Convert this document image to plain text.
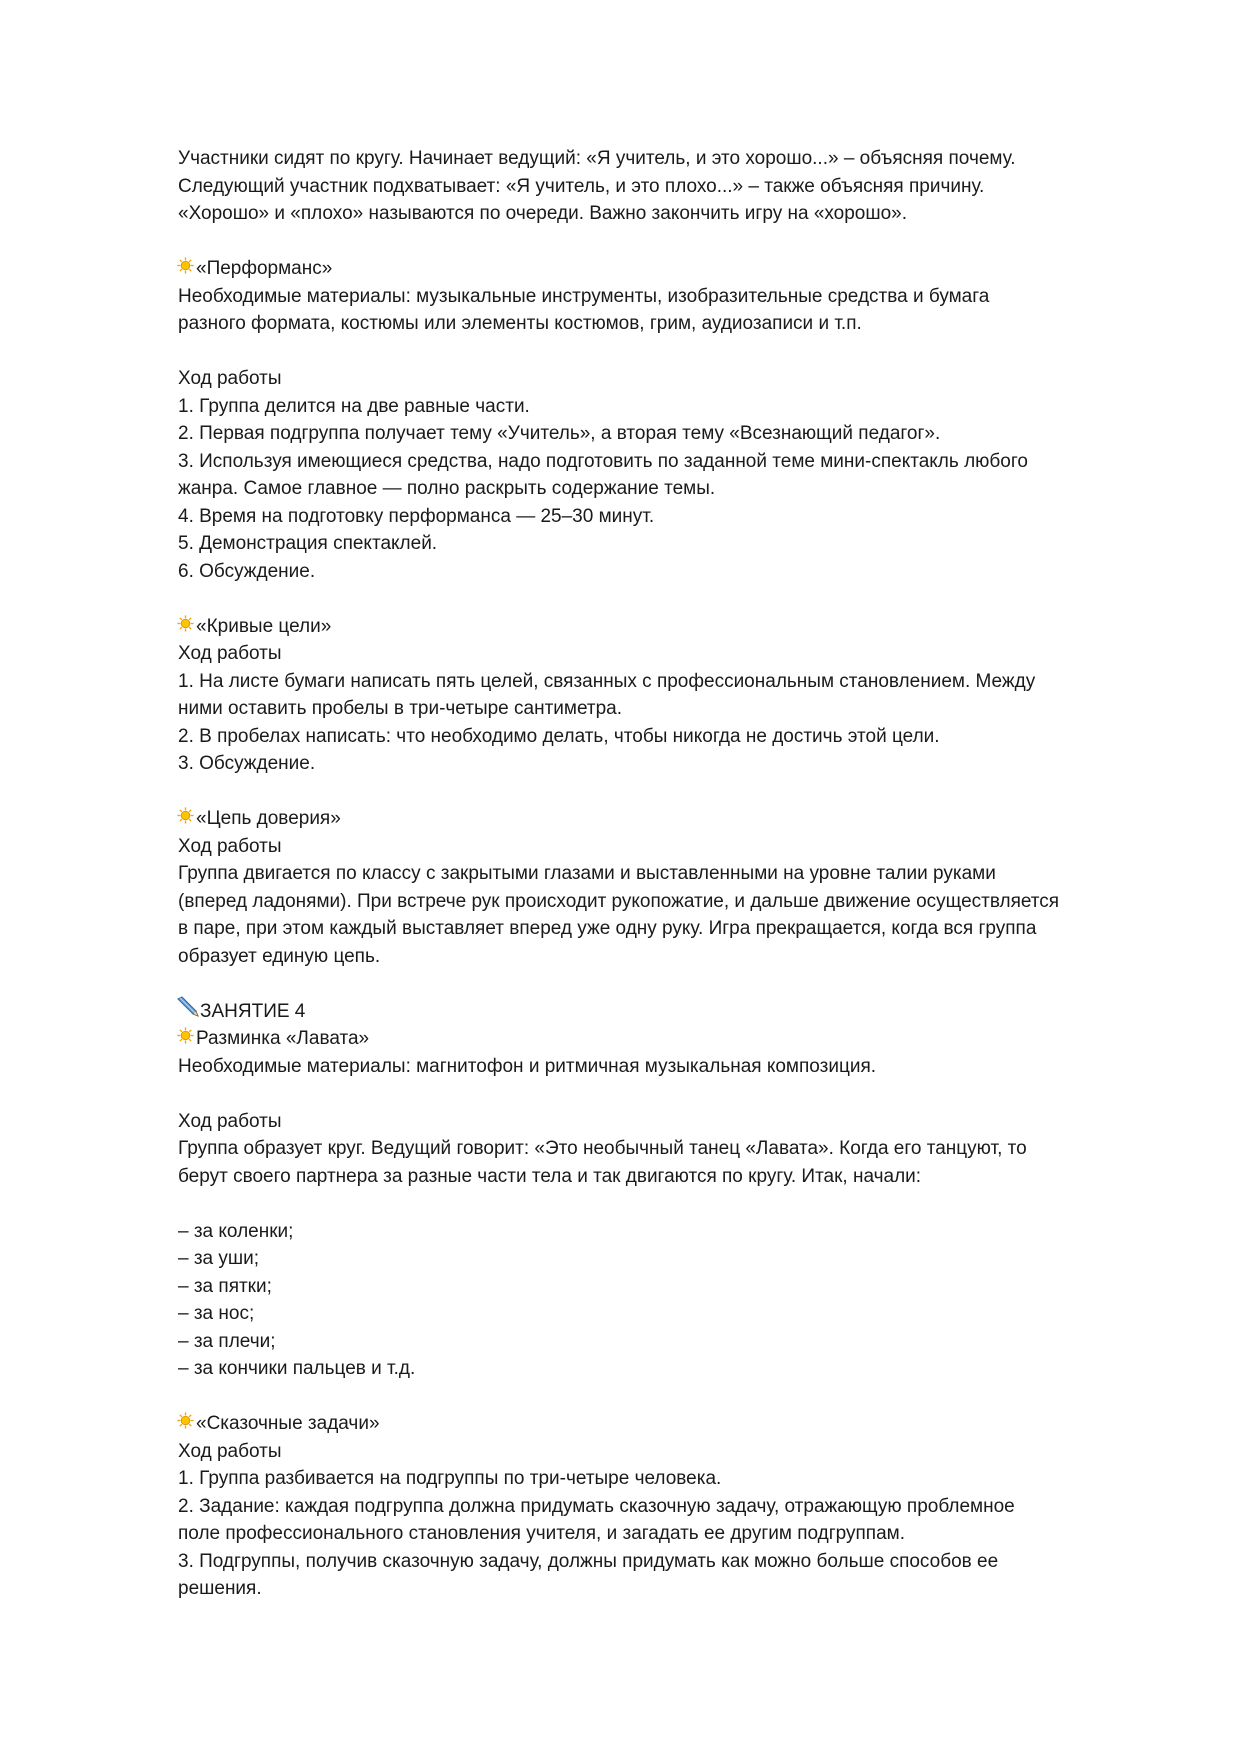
Участники сидят по кругу. Начинает ведущий: «Я учитель, и это хорошо...» – объясняя почему.
Следующий участник подхватывает: «Я учитель, и это плохо...» – также объясняя причину.
«Хорошо» и «плохо» называются по очереди. Важно закончить игру на «хорошо».
«Перформанс»
Необходимые материалы: музыкальные инструменты, изобразительные средства и бумага
разного формата, костюмы или элементы костюмов, грим, аудиозаписи и т.п.
Ход работы
1. Группа делится на две равные части.
2. Первая подгруппа получает тему «Учитель», а вторая тему «Всезнающий педагог».
3. Используя имеющиеся средства, надо подготовить по заданной теме мини-спектакль любого
жанра. Самое главное — полно раскрыть содержание темы.
4. Время на подготовку перформанса — 25–30 минут.
5. Демонстрация спектаклей.
6. Обсуждение.
«Кривые цели»
Ход работы
1. На листе бумаги написать пять целей, связанных с профессиональным становлением. Между
ними оставить пробелы в три-четыре сантиметра.
2. В пробелах написать: что необходимо делать, чтобы никогда не достичь этой цели.
3. Обсуждение.
«Цепь доверия»
Ход работы
Группа двигается по классу с закрытыми глазами и выставленными на уровне талии руками
(вперед ладонями). При встрече рук происходит рукопожатие, и дальше движение осуществляется
в паре, при этом каждый выставляет вперед уже одну руку. Игра прекращается, когда вся группа
образует единую цепь.
ЗАНЯТИЕ 4
Разминка «Лавата»
Необходимые материалы: магнитофон и ритмичная музыкальная композиция.
Ход работы
Группа образует круг. Ведущий говорит: «Это необычный танец «Лавата». Когда его танцуют, то
берут своего партнера за разные части тела и так двигаются по кругу. Итак, начали:
– за коленки;
– за уши;
– за пятки;
– за нос;
– за плечи;
– за кончики пальцев и т.д.
«Сказочные задачи»
Ход работы
1. Группа разбивается на подгруппы по три-четыре человека.
2. Задание: каждая подгруппа должна придумать сказочную задачу, отражающую проблемное
поле профессионального становления учителя, и загадать ее другим подгруппам.
3. Подгруппы, получив сказочную задачу, должны придумать как можно больше способов ее
решения.
